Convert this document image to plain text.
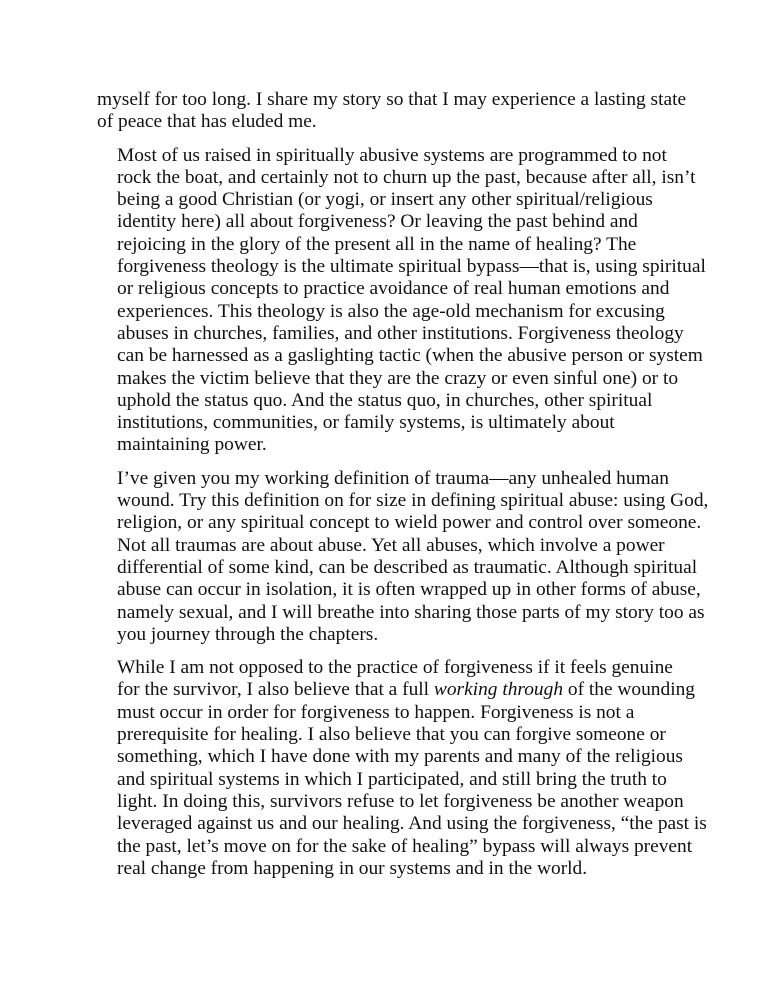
myself for too long. I share my story so that I may experience a lasting state
of peace that has eluded me.

Most of us raised in spiritually abusive systems are programmed to not
rock the boat, and certainly not to churn up the past, because after all, isn’t
being a good Christian (or yogi, or insert any other spiritual/religious
identity here) all about forgiveness? Or leaving the past behind and
rejoicing in the glory of the present all in the name of healing? The
forgiveness theology is the ultimate spiritual bypass—that is, using spiritual
or religious concepts to practice avoidance of real human emotions and
experiences. This theology is also the age-old mechanism for excusing
abuses in churches, families, and other institutions. Forgiveness theology
can be harnessed as a gaslighting tactic (when the abusive person or system
makes the victim believe that they are the crazy or even sinful one) or to
uphold the status quo. And the status quo, in churches, other spiritual
institutions, communities, or family systems, is ultimately about
maintaining power.

I’ve given you my working definition of trauma—any unhealed human
wound. Try this definition on for size in defining spiritual abuse: using God,
religion, or any spiritual concept to wield power and control over someone.
Not all traumas are about abuse. Yet all abuses, which involve a power
differential of some kind, can be described as traumatic. Although spiritual
abuse can occur in isolation, it is often wrapped up in other forms of abuse,
namely sexual, and I will breathe into sharing those parts of my story too as
you journey through the chapters.

While I am not opposed to the practice of forgiveness if it feels genuine
for the survivor, I also believe that a full working through of the wounding
must occur in order for forgiveness to happen. Forgiveness is not a
prerequisite for healing. I also believe that you can forgive someone or
something, which I have done with my parents and many of the religious
and spiritual systems in which I participated, and still bring the truth to
light. In doing this, survivors refuse to let forgiveness be another weapon
leveraged against us and our healing. And using the forgiveness, “the past is
the past, let’s move on for the sake of healing” bypass will always prevent
real change from happening in our systems and in the world.
